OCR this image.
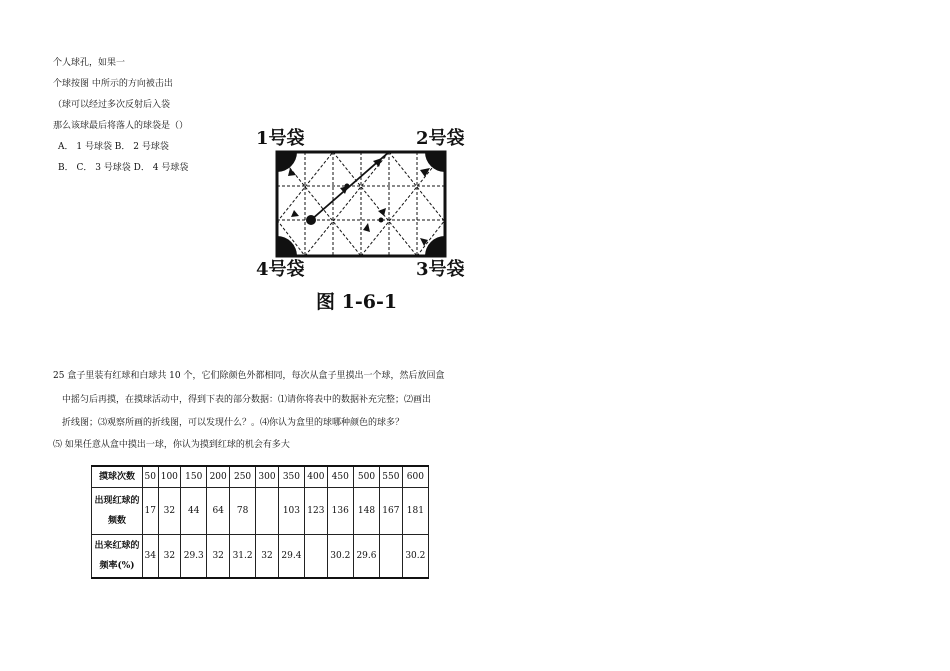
个人球孔，如果一
个球按图 中所示的方向被击出
（球可以经过多次反射后入袋
那么该球最后将落人的球袋是（）
A． 1 号球袋 B． 2 号球袋
B． C． 3 号球袋 D． 4 号球袋
1号袋	2号袋
4号袋	3号袋
图 1-6-1
25 盒子里装有红球和白球共 10 个，它们除颜色外都相同，每次从盒子里摸出一个球，然后放回盒
中摇匀后再摸，在摸球活动中，得到下表的部分数据：⑴请你将表中的数据补充完整；⑵画出
折线图；⑶观察所画的折线图，可以发现什么？。⑷你认为盒里的球哪种颜色的球多？
⑸ 如果任意从盒中摸出一球，你认为摸到红球的机会有多大
摸球次数	50	100	150	200	250	300	350	400	450	500	550	600
出现红球的频数	17	32	44	64	78		103	123	136	148	167	181
出来红球的频率(%)	34	32	29.3	32	31.2	32	29.4		30.2	29.6		30.2
